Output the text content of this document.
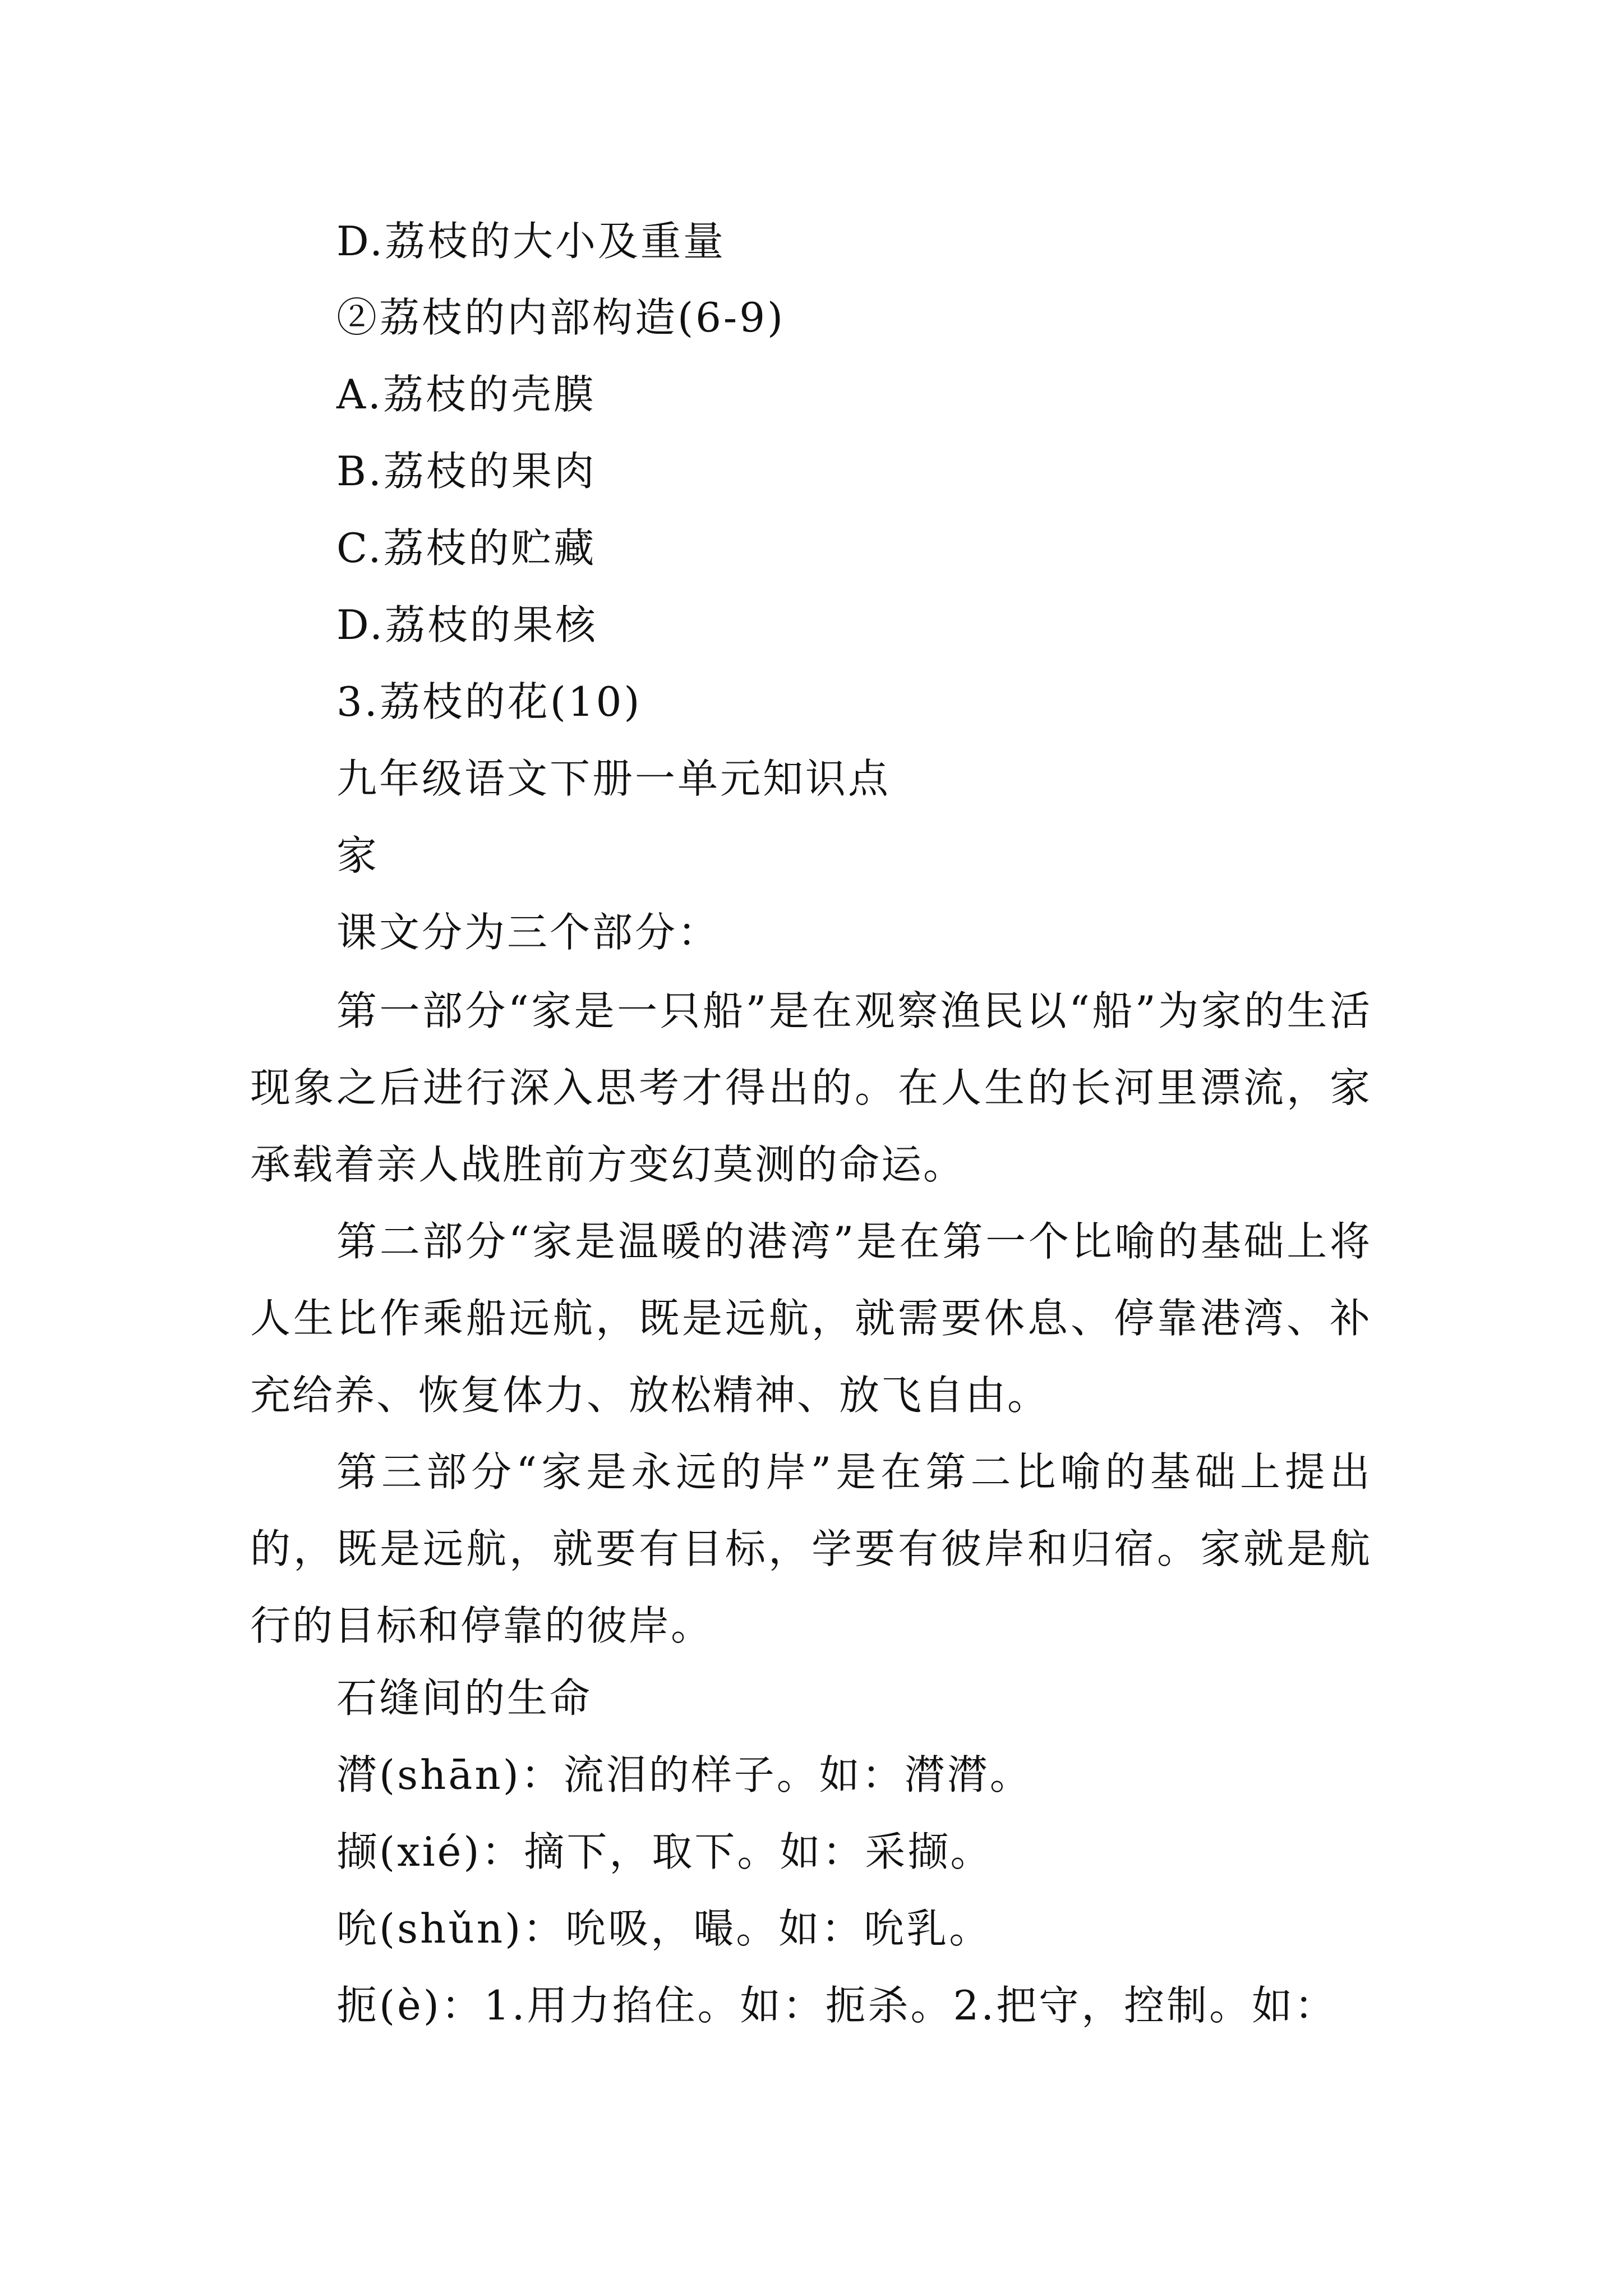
D.荔枝的大小及重量

②荔枝的内部构造(6-9)

A.荔枝的壳膜

B.荔枝的果肉

C.荔枝的贮藏

D.荔枝的果核

3.荔枝的花(10)

九年级语文下册一单元知识点

家

课文分为三个部分：

第一部分“家是一只船”是在观察渔民以“船”为家的生活现象之后进行深入思考才得出的。在人生的长河里漂流，家承载着亲人战胜前方变幻莫测的命运。

第二部分“家是温暖的港湾”是在第一个比喻的基础上将人生比作乘船远航，既是远航，就需要休息、停靠港湾、补充给养、恢复体力、放松精神、放飞自由。

第三部分“家是永远的岸”是在第二比喻的基础上提出的，既是远航，就要有目标，学要有彼岸和归宿。家就是航行的目标和停靠的彼岸。

石缝间的生命

潸(shān)：流泪的样子。如：潸潸。

撷(xié)：摘下，取下。如：采撷。

吮(shǔn)：吮吸，嘬。如：吮乳。

扼(è)：1.用力掐住。如：扼杀。2.把守，控制。如：
